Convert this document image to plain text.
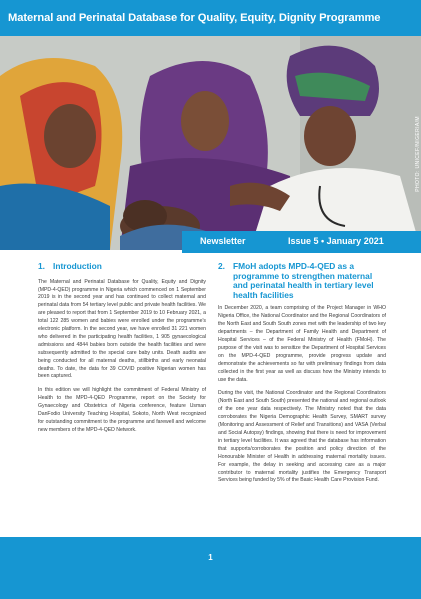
Maternal and Perinatal Database for Quality, Equity, Dignity Programme
PHOTO: UNICEF/NIGERIA/M
Newsletter	Issue 5 • January 2021
1. Introduction

The Maternal and Perinatal Database for Quality, Equity and Dignity (MPD-4-QED) programme in Nigeria which commenced on 1 September 2019 is in the second year and has continued to collect maternal and perinatal data from 54 tertiary level public and private health facilities. We are pleased to report that from 1 September 2019 to 10 February 2021, a total 122 285 women and babies were enrolled under the programme's electronic platform. In the second year, we have enrolled 31 221 women who delivered in the participating health facilities, 1 905 gynaecological admissions and 4844 babies born outside the health facilities and were subsequently admitted to the special care baby units. Death audits are being conducted for all maternal deaths, stillbirths and early neonatal deaths. To date, the data for 39 COVID positive Nigerian women has been captured.

In this edition we will highlight the commitment of Federal Ministry of Health to the MPD-4-QED Programme, report on the Society for Gynaecology and Obstetrics of Nigeria conference, feature Usman DanFodio University Teaching Hospital, Sokoto, North West recognized for outstanding commitment to the programme and farewell and welcome new members of the MPD-4-QED Network.

2. FMoH adopts MPD-4-QED as a programme to strengthen maternal and perinatal health in tertiary level health facilities

In December 2020, a team comprising of the Project Manager in WHO Nigeria Office, the National Coordinator and the Regional Coordinators of the North East and South South zones met with the leadership of two key departments – the Department of Family Health and Department of Hospital Services – of the Federal Ministry of Health (FMoH). The purpose of the visit was to sensitize the Department of Hospital Services on the MPD-4-QED programme, provide progress update and demonstrate the achievements so far with preliminary findings from data collected in the first year as well as discuss how the Ministry intends to use the data.

During the visit, the National Coordinator and the Regional Coordinators (North East and South South) presented the national and regional outlook of the one year data respectively. The Ministry noted that the data corroborates the Nigeria Demographic Health Survey, SMART survey (Monitoring and Assessment of Relief and Transitions) and VASA (Verbal and Social Autopsy) findings, showing that there is need for improvement in tertiary level facilities. It was agreed that the database has information that supports/corroborates the position and policy direction of the Honourable Minister of Health in addressing maternal mortality issues. For example, the delay in seeking and accessing care as a major contributor to maternal mortality justifies the Emergency Transport Services being funded by 5% of the Basic Health Care Provision Fund.

1
